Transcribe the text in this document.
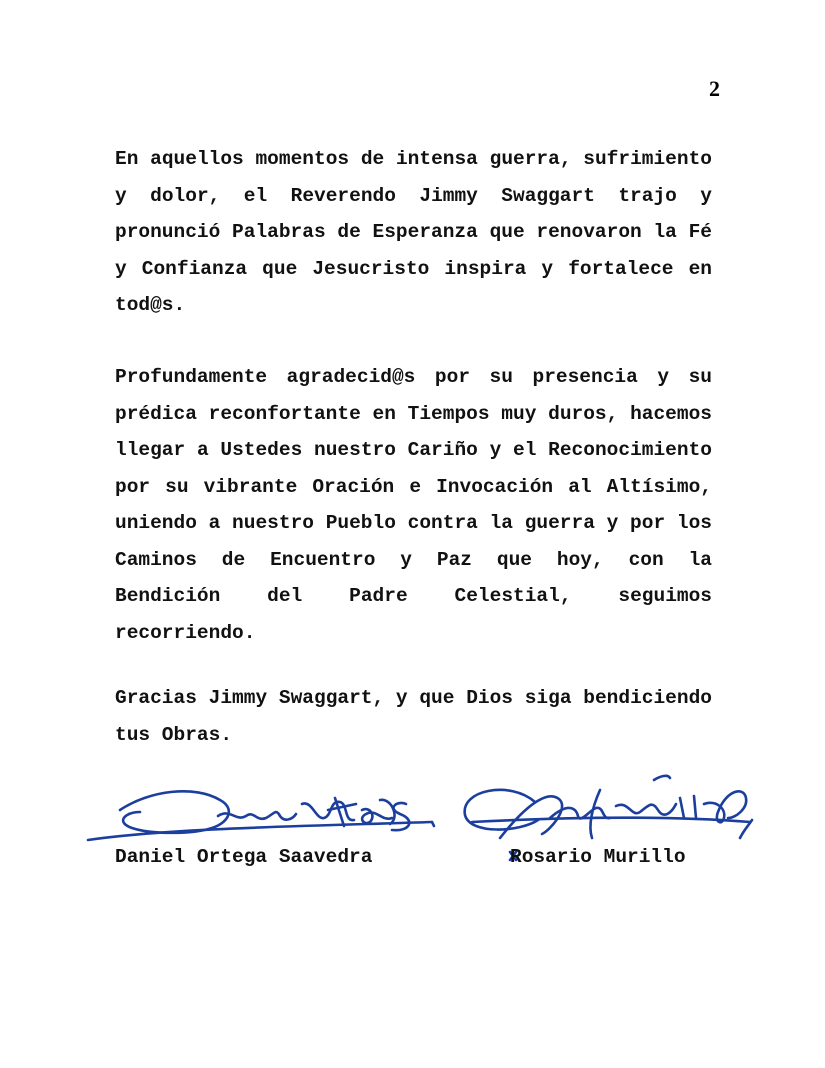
2
En aquellos momentos de intensa guerra, sufrimiento y dolor, el Reverendo Jimmy Swaggart trajo y pronunció Palabras de Esperanza que renovaron la Fé y Confianza que Jesucristo inspira y fortalece en tod@s.
Profundamente agradecid@s por su presencia y su prédica reconfortante en Tiempos muy duros, hacemos llegar a Ustedes nuestro Cariño y el Reconocimiento por su vibrante Oración e Invocación al Altísimo, uniendo a nuestro Pueblo contra la guerra y por los Caminos de Encuentro y Paz que hoy, con la Bendición del Padre Celestial, seguimos recorriendo.
Gracias Jimmy Swaggart, y que Dios siga bendiciendo tus Obras.
Daniel Ortega Saavedra	Rosario Murillo
